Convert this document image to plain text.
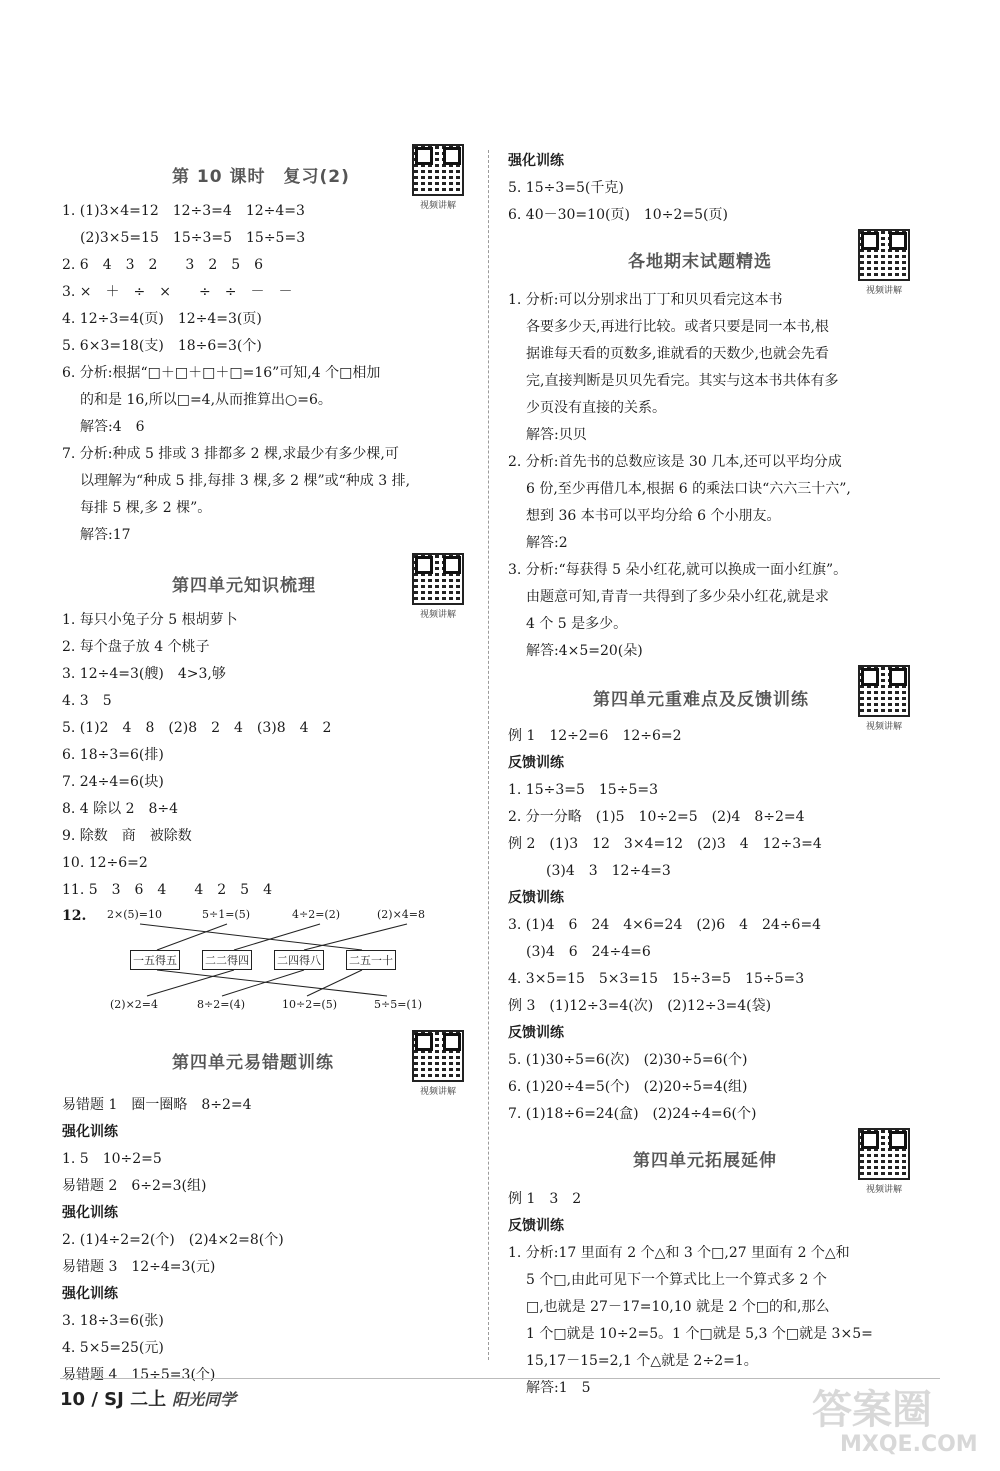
第 10 课时　复习(2)
视频讲解
1. (1)3×4=12　12÷3=4　12÷4=3
(2)3×5=15　15÷3=5　15÷5=3
2. 6　4　3　2　　3　2　5　6
3. ×　＋　÷　×　　÷　÷　－　－
4. 12÷3=4(页)　12÷4=3(页)
5. 6×3=18(支)　18÷6=3(个)
6. 分析:根据“□＋□＋□＋□=16”可知,4 个□相加
的和是 16,所以□=4,从而推算出○=6。
解答:4　6
7. 分析:种成 5 排或 3 排都多 2 棵,求最少有多少棵,可
以理解为“种成 5 排,每排 3 棵,多 2 棵”或“种成 3 排,
每排 5 棵,多 2 棵”。
解答:17
第四单元知识梳理
视频讲解
1. 每只小兔子分 5 根胡萝卜
2. 每个盘子放 4 个桃子
3. 12÷4=3(艘)　4>3,够
4. 3　5
5. (1)2　4　8　(2)8　2　4　(3)8　4　2
6. 18÷3=6(排)
7. 24÷4=6(块)
8. 4 除以 2　8÷4
9. 除数　商　被除数
10. 12÷6=2
11. 5　3　6　4　　4　2　5　4
12. 2×(5)=10	5÷1=(5)	4÷2=(2)	(2)×4=8
一五得五	二二得四	二四得八	二五一十
(2)×2=4	8÷2=(4)	10÷2=(5)	5÷5=(1)
第四单元易错题训练
视频讲解
易错题 1　圈一圈略　8÷2=4
强化训练
1. 5　10÷2=5
易错题 2　6÷2=3(组)
强化训练
2. (1)4÷2=2(个)　(2)4×2=8(个)
易错题 3　12÷4=3(元)
强化训练
3. 18÷3=6(张)
4. 5×5=25(元)
易错题 4　15÷5=3(个)
强化训练
5. 15÷3=5(千克)
6. 40－30=10(页)　10÷2=5(页)
各地期末试题精选
视频讲解
1. 分析:可以分别求出丁丁和贝贝看完这本书
各要多少天,再进行比较。或者只要是同一本书,根
据谁每天看的页数多,谁就看的天数少,也就会先看
完,直接判断是贝贝先看完。其实与这本书共体有多
少页没有直接的关系。
解答:贝贝
2. 分析:首先书的总数应该是 30 几本,还可以平均分成
6 份,至少再借几本,根据 6 的乘法口诀“六六三十六”,
想到 36 本书可以平均分给 6 个小朋友。
解答:2
3. 分析:“每获得 5 朵小红花,就可以换成一面小红旗”。
由题意可知,青青一共得到了多少朵小红花,就是求
4 个 5 是多少。
解答:4×5=20(朵)
第四单元重难点及反馈训练
视频讲解
例 1　12÷2=6　12÷6=2
反馈训练
1. 15÷3=5　15÷5=3
2. 分一分略　(1)5　10÷2=5　(2)4　8÷2=4
例 2　(1)3　12　3×4=12　(2)3　4　12÷3=4
(3)4　3　12÷4=3
反馈训练
3. (1)4　6　24　4×6=24　(2)6　4　24÷6=4
(3)4　6　24÷4=6
4. 3×5=15　5×3=15　15÷3=5　15÷5=3
例 3　(1)12÷3=4(次)　(2)12÷3=4(袋)
反馈训练
5. (1)30÷5=6(次)　(2)30÷5=6(个)
6. (1)20÷4=5(个)　(2)20÷5=4(组)
7. (1)18÷6=24(盒)　(2)24÷4=6(个)
第四单元拓展延伸
视频讲解
例 1　3　2
反馈训练
1. 分析:17 里面有 2 个△和 3 个□,27 里面有 2 个△和
5 个□,由此可见下一个算式比上一个算式多 2 个
□,也就是 27－17=10,10 就是 2 个□的和,那么
1 个□就是 10÷2=5。1 个□就是 5,3 个□就是 3×5=
15,17－15=2,1 个△就是 2÷2=1。
解答:1　5
10 / SJ 二上 阳光同学	答案圈
MXQE.COM
